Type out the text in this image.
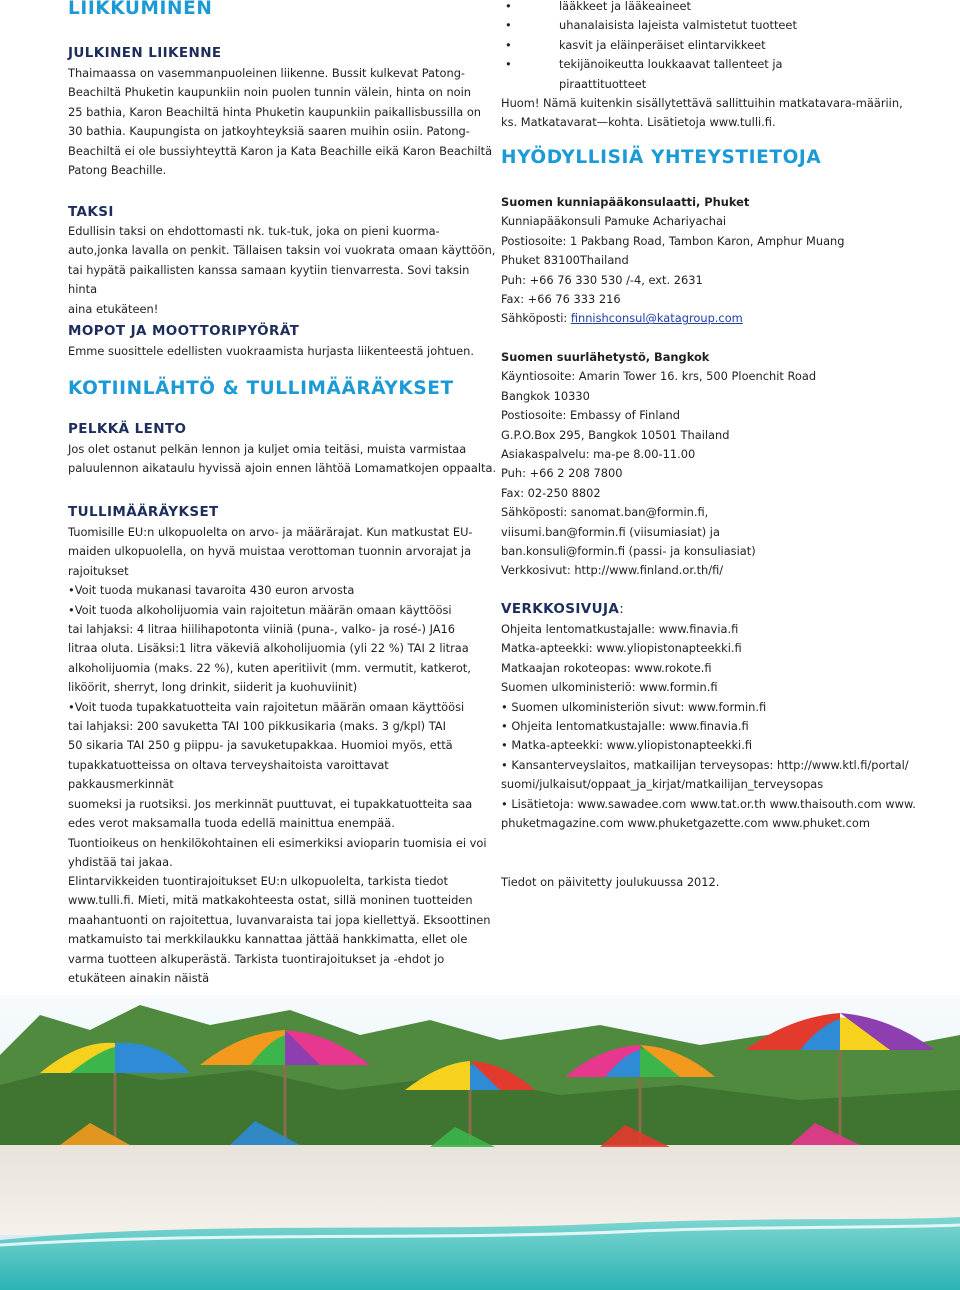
LIIKKUMINEN
JULKINEN LIIKENNE

Thaimaassa on vasemmanpuoleinen liikenne. Bussit kulkevat Patong-

Beachiltä Phuketin kaupunkiin noin puolen tunnin välein, hinta on noin

25 bathia, Karon Beachiltä hinta Phuketin kaupunkiin paikallisbussilla on

30 bathia. Kaupungista on jatkoyhteyksiä saaren muihin osiin. Patong-

Beachiltä ei ole bussiyhteyttä Karon ja Kata Beachille eikä Karon Beachiltä

Patong Beachille.

TAKSI

Edullisin taksi on ehdottomasti nk. tuk-tuk, joka on pieni kuorma-

auto,jonka lavalla on penkit. Tällaisen taksin voi vuokrata omaan käyttöön,

tai hypätä paikallisten kanssa samaan kyytiin tienvarresta. Sovi taksin hinta

aina etukäteen!

MOPOT JA MOOTTORIPYÖRÄT

Emme suosittele edellisten vuokraamista hurjasta liikenteestä johtuen.

KOTIINLÄHTÖ & TULLIMÄÄRÄYKSET
PELKKÄ LENTO

Jos olet ostanut pelkän lennon ja kuljet omia teitäsi, muista varmistaa

paluulennon aikataulu hyvissä ajoin ennen lähtöä Lomamatkojen oppaalta.

TULLIMÄÄRÄYKSET

Tuomisille EU:n ulkopuolelta on arvo- ja määrärajat. Kun matkustat EU-

maiden ulkopuolella, on hyvä muistaa verottoman tuonnin arvorajat ja

rajoitukset

•Voit tuoda mukanasi tavaroita 430 euron arvosta

•Voit tuoda alkoholijuomia vain rajoitetun määrän omaan käyttöösi

tai lahjaksi: 4 litraa hiilihapotonta viiniä (puna-, valko- ja rosé-) JA16

litraa oluta. Lisäksi:1 litra väkeviä alkoholijuomia (yli 22 %) TAI 2 litraa

alkoholijuomia (maks. 22 %), kuten aperitiivit (mm. vermutit, katkerot,

liköörit, sherryt, long drinkit, siiderit ja kuohuviinit)

•Voit tuoda tupakkatuotteita vain rajoitetun määrän omaan käyttöösi

tai lahjaksi: 200 savuketta TAI 100 pikkusikaria (maks. 3 g/kpl) TAI

50 sikaria TAI 250 g piippu- ja savuketupakkaa. Huomioi myös, että

tupakkatuotteissa on oltava terveyshaitoista varoittavat pakkausmerkinnät

suomeksi ja ruotsiksi. Jos merkinnät puuttuvat, ei tupakkatuotteita saa

edes verot maksamalla tuoda edellä mainittua enempää.

Tuontioikeus on henkilökohtainen eli esimerkiksi avioparin tuomisia ei voi

yhdistää tai jakaa.

Elintarvikkeiden tuontirajoitukset EU:n ulkopuolelta, tarkista tiedot

www.tulli.fi. Mieti, mitä matkakohteesta ostat, sillä moninen tuotteiden

maahantuonti on rajoitettua, luvanvaraista tai jopa kiellettyä. Eksoottinen

matkamuisto tai merkkilaukku kannattaa jättää hankkimatta, ellet ole

varma tuotteen alkuperästä. Tarkista tuontirajoitukset ja -ehdot jo

etukäteen ainakin näistä

•	lääkkeet ja lääkeaineet
•	uhanalaisista lajeista valmistetut tuotteet
•	kasvit ja eläinperäiset elintarvikkeet
•	tekijänoikeutta loukkaavat tallenteet ja
piraattituotteet

Huom! Nämä kuitenkin sisällytettävä sallittuihin matkatavara-määriin,

ks. Matkatavarat—kohta. Lisätietoja www.tulli.fi.

HYÖDYLLISIÄ YHTEYSTIETOJA

Suomen kunniapääkonsulaatti, Phuket

Kunniapääkonsuli Pamuke Achariyachai

Postiosoite: 1 Pakbang Road, Tambon Karon, Amphur Muang

Phuket 83100Thailand

Puh: +66 76 330 530 /-4, ext. 2631

Fax: +66 76 333 216

Sähköposti: finnishconsul@katagroup.com

Suomen suurlähetystö, Bangkok

Käyntiosoite: Amarin Tower 16. krs, 500 Ploenchit Road

Bangkok 10330

Postiosoite: Embassy of Finland

G.P.O.Box 295, Bangkok 10501 Thailand

Asiakaspalvelu: ma-pe 8.00-11.00

Puh: +66 2 208 7800

Fax: 02-250 8802

Sähköposti: sanomat.ban@formin.fi,

viisumi.ban@formin.fi (viisumiasiat) ja

ban.konsuli@formin.fi (passi- ja konsuliasiat)

Verkkosivut: http://www.finland.or.th/fi/

VERKKOSIVUJA:

Ohjeita lentomatkustajalle: www.finavia.fi

Matka-apteekki: www.yliopistonapteekki.fi

Matkaajan rokoteopas: www.rokote.fi

Suomen ulkoministeriö: www.formin.fi

• Suomen ulkoministeriön sivut: www.formin.fi

• Ohjeita lentomatkustajalle: www.finavia.fi

• Matka-apteekki: www.yliopistonapteekki.fi

• Kansanterveyslaitos, matkailijan terveysopas: http://www.ktl.fi/portal/

suomi/julkaisut/oppaat_ja_kirjat/matkailijan_terveysopas

• Lisätietoja: www.sawadee.com www.tat.or.th www.thaisouth.com www.

phuketmagazine.com www.phuketgazette.com www.phuket.com

Tiedot on päivitetty joulukuussa 2012.
